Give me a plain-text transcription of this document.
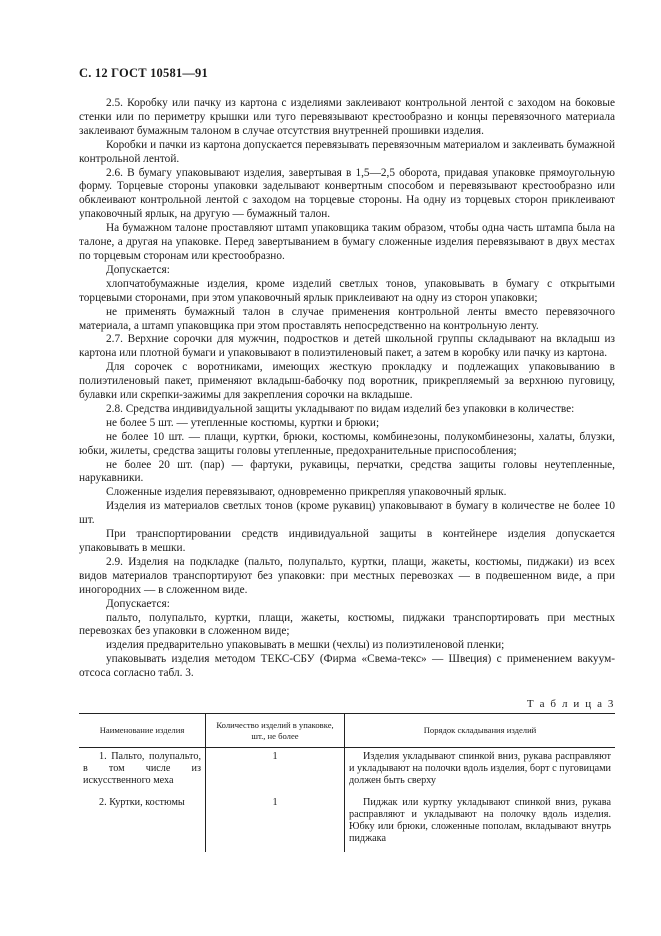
С. 12 ГОСТ 10581—91

2.5. Коробку или пачку из картона с изделиями заклеивают контрольной лентой с заходом на боковые стенки или по периметру крышки или туго перевязывают крестообразно и концы перевязочного материала заклеивают бумажным талоном в случае отсутствия внутренней прошивки изделия.

Коробки и пачки из картона допускается перевязывать перевязочным материалом и заклеивать бумажной контрольной лентой.

2.6. В бумагу упаковывают изделия, завертывая в 1,5—2,5 оборота, придавая упаковке прямоугольную форму. Торцевые стороны упаковки заделывают конвертным способом и перевязывают крестообразно или обклеивают контрольной лентой с заходом на торцевые стороны. На одну из торцевых сторон приклеивают упаковочный ярлык, на другую — бумажный талон.

На бумажном талоне проставляют штамп упаковщика таким образом, чтобы одна часть штампа была на талоне, а другая на упаковке. Перед завертыванием в бумагу сложенные изделия перевязывают в двух местах по торцевым сторонам или крестообразно.

Допускается:

хлопчатобумажные изделия, кроме изделий светлых тонов, упаковывать в бумагу с открытыми торцевыми сторонами, при этом упаковочный ярлык приклеивают на одну из сторон упаковки;

не применять бумажный талон в случае применения контрольной ленты вместо перевязочного материала, а штамп упаковщика при этом проставлять непосредственно на контрольную ленту.

2.7. Верхние сорочки для мужчин, подростков и детей школьной группы складывают на вкладыш из картона или плотной бумаги и упаковывают в полиэтиленовый пакет, а затем в коробку или пачку из картона.

Для сорочек с воротниками, имеющих жесткую прокладку и подлежащих упаковыванию в полиэтиленовый пакет, применяют вкладыш-бабочку под воротник, прикрепляемый за верхнюю пуговицу, булавки или скрепки-зажимы для закрепления сорочки на вкладыше.

2.8. Средства индивидуальной защиты укладывают по видам изделий без упаковки в количестве:

не более 5 шт. — утепленные костюмы, куртки и брюки;

не более 10 шт. — плащи, куртки, брюки, костюмы, комбинезоны, полукомбинезоны, халаты, блузки, юбки, жилеты, средства защиты головы утепленные, предохранительные приспособления;

не более 20 шт. (пар) — фартуки, рукавицы, перчатки, средства защиты головы неутепленные, нарукавники.

Сложенные изделия перевязывают, одновременно прикрепляя упаковочный ярлык.

Изделия из материалов светлых тонов (кроме рукавиц) упаковывают в бумагу в количестве не более 10 шт.

При транспортировании средств индивидуальной защиты в контейнере изделия допускается упаковывать в мешки.

2.9. Изделия на подкладке (пальто, полупальто, куртки, плащи, жакеты, костюмы, пиджаки) из всех видов материалов транспортируют без упаковки: при местных перевозках — в подвешенном виде, а при иногородних — в сложенном виде.

Допускается:

пальто, полупальто, куртки, плащи, жакеты, костюмы, пиджаки транспортировать при местных перевозках без упаковки в сложенном виде;

изделия предварительно упаковывать в мешки (чехлы) из полиэтиленовой пленки;

упаковывать изделия методом ТЕКС-СБУ (Фирма «Свема-текс» — Швеция) с применением вакуум-отсоса согласно табл. 3.

Т а б л и ц а 3
Наименование изделия	Количество изделий в упаковке, шт., не более	Порядок складывания изделий

1. Пальто, полупальто, в том числе из искусственного меха	1	Изделия укладывают спинкой вниз, рукава расправляют и укладывают на полочки вдоль изделия, борт с пуговицами должен быть сверху

2. Куртки, костюмы	1	Пиджак или куртку укладывают спинкой вниз, рукава расправляют и укладывают на полочку вдоль изделия. Юбку или брюки, сложенные пополам, вкладывают внутрь пиджака
